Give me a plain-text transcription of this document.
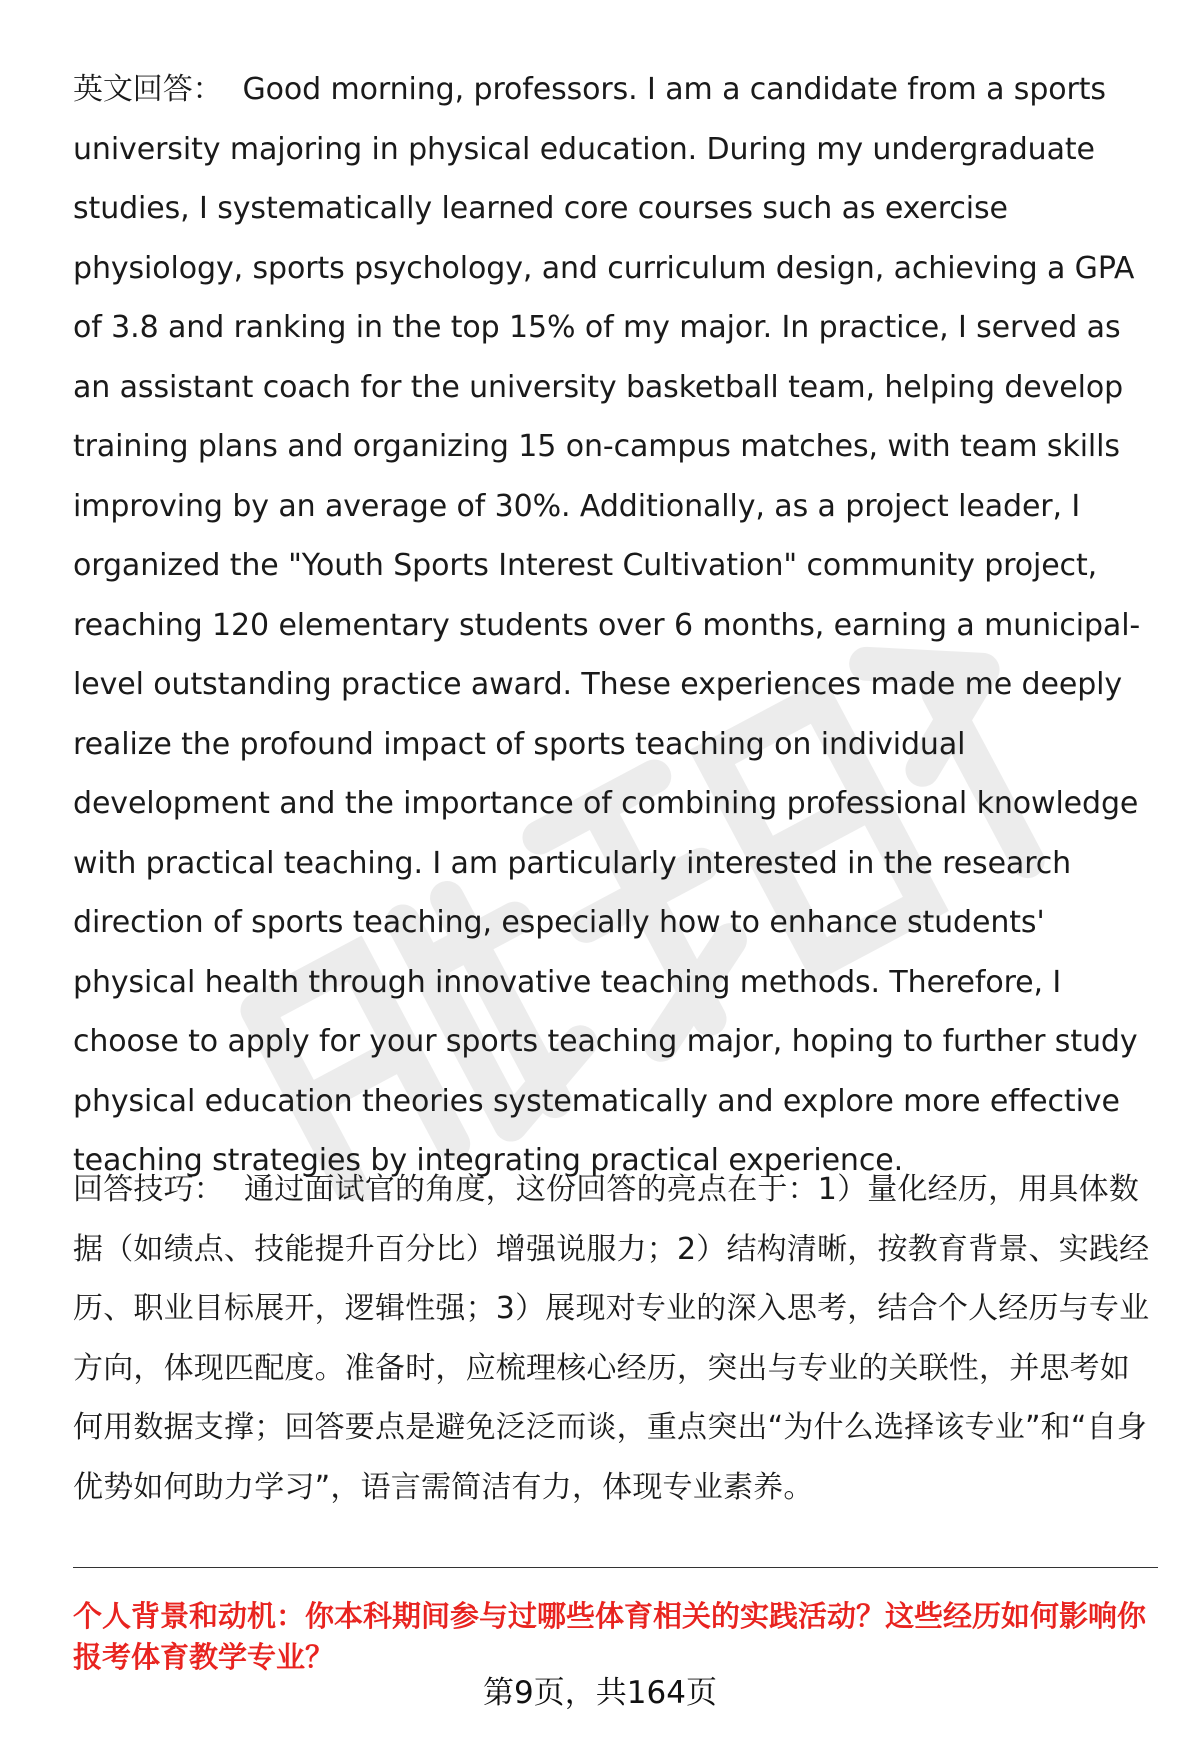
英文回答： Good morning, professors. I am a candidate from a sports university majoring in physical education. During my undergraduate studies, I systematically learned core courses such as exercise physiology, sports psychology, and curriculum design, achieving a GPA of 3.8 and ranking in the top 15% of my major. In practice, I served as an assistant coach for the university basketball team, helping develop training plans and organizing 15 on-campus matches, with team skills improving by an average of 30%. Additionally, as a project leader, I organized the "Youth Sports Interest Cultivation" community project, reaching 120 elementary students over 6 months, earning a municipal-level outstanding practice award. These experiences made me deeply realize the profound impact of sports teaching on individual development and the importance of combining professional knowledge with practical teaching. I am particularly interested in the research direction of sports teaching, especially how to enhance students' physical health through innovative teaching methods. Therefore, I choose to apply for your sports teaching major, hoping to further study physical education theories systematically and explore more effective teaching strategies by integrating practical experience.
回答技巧： 通过面试官的角度，这份回答的亮点在于：1）量化经历，用具体数据（如绩点、技能提升百分比）增强说服力；2）结构清晰，按教育背景、实践经历、职业目标展开，逻辑性强；3）展现对专业的深入思考，结合个人经历与专业方向，体现匹配度。准备时，应梳理核心经历，突出与专业的关联性，并思考如何用数据支撑；回答要点是避免泛泛而谈，重点突出“为什么选择该专业”和“自身优势如何助力学习”，语言需简洁有力，体现专业素养。
个人背景和动机：你本科期间参与过哪些体育相关的实践活动？这些经历如何影响你报考体育教学专业？
第9页，共164页
